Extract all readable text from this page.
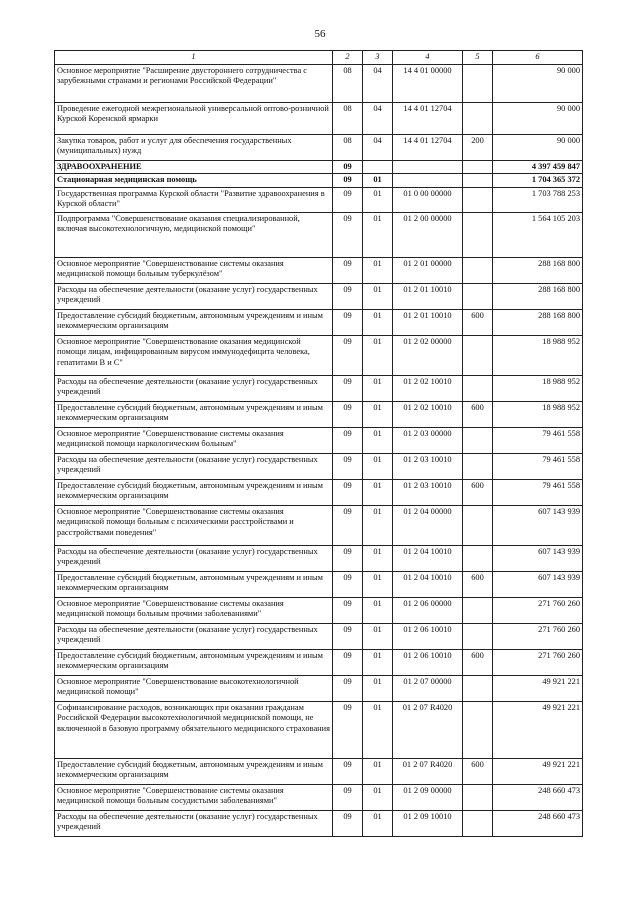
56
1	2	3	4	5	6
Основное мероприятие "Расширение двустороннего сотрудничества с зарубежными странами и регионами Российской Федерации"	08	04	14 4 01 00000		90 000
Проведение ежегодной межрегиональной универсальной оптово-розничной Курской Коренской ярмарки	08	04	14 4 01 12704		90 000
Закупка товаров, работ и услуг для обеспечения государственных (муниципальных) нужд	08	04	14 4 01 12704	200	90 000
ЗДРАВООХРАНЕНИЕ	09				4 397 459 847
Стационарная медицинская помощь	09	01			1 704 365 372
Государственная программа Курской области "Развитие здравоохранения в Курской области"	09	01	01 0 00 00000		1 703 788 253
Подпрограмма "Совершенствование оказания специализированной, включая высокотехнологичную, медицинской помощи"	09	01	01 2 00 00000		1 564 105 203
Основное мероприятие "Совершенствование системы оказания медицинской помощи больным туберкулёзом"	09	01	01 2 01 00000		288 168 800
Расходы на обеспечение деятельности (оказание услуг) государственных учреждений	09	01	01 2 01 10010		288 168 800
Предоставление субсидий бюджетным, автономным учреждениям и иным некоммерческим организациям	09	01	01 2 01 10010	600	288 168 800
Основное мероприятие "Совершенствование оказания медицинской помощи лицам, инфицированным вирусом иммунодефицита человека, гепатитами В и С"	09	01	01 2 02 00000		18 988 952
Расходы на обеспечение деятельности (оказание услуг) государственных учреждений	09	01	01 2 02 10010		18 988 952
Предоставление субсидий бюджетным, автономным учреждениям и иным некоммерческим организациям	09	01	01 2 02 10010	600	18 988 952
Основное мероприятие "Совершенствование системы оказания медицинской помощи наркологическим больным"	09	01	01 2 03 00000		79 461 558
Расходы на обеспечение деятельности (оказание услуг) государственных учреждений	09	01	01 2 03 10010		79 461 558
Предоставление субсидий бюджетным, автономным учреждениям и иным некоммерческим организациям	09	01	01 2 03 10010	600	79 461 558
Основное мероприятие "Совершенствование системы оказания медицинской помощи больным с психическими расстройствами и расстройствами поведения"	09	01	01 2 04 00000		607 143 939
Расходы на обеспечение деятельности (оказание услуг) государственных учреждений	09	01	01 2 04 10010		607 143 939
Предоставление субсидий бюджетным, автономным учреждениям и иным некоммерческим организациям	09	01	01 2 04 10010	600	607 143 939
Основное мероприятие "Совершенствование системы оказания медицинской помощи больным прочими заболеваниями"	09	01	01 2 06 00000		271 760 260
Расходы на обеспечение деятельности (оказание услуг) государственных учреждений	09	01	01 2 06 10010		271 760 260
Предоставление субсидий бюджетным, автономным учреждениям и иным некоммерческим организациям	09	01	01 2 06 10010	600	271 760 260
Основное мероприятие "Совершенствование высокотехнологичной медицинской помощи"	09	01	01 2 07 00000		49 921 221
Софинансирование расходов, возникающих при оказании гражданам Российской Федерации высокотехнологичной медицинской помощи, не включенной в базовую программу обязательного медицинского страхования	09	01	01 2 07 R4020		49 921 221
Предоставление субсидий бюджетным, автономным учреждениям и иным некоммерческим организациям	09	01	01 2 07 R4020	600	49 921 221
Основное мероприятие "Совершенствование системы оказания медицинской помощи больным сосудистыми заболеваниями"	09	01	01 2 09 00000		248 660 473
Расходы на обеспечение деятельности (оказание услуг) государственных учреждений	09	01	01 2 09 10010		248 660 473
